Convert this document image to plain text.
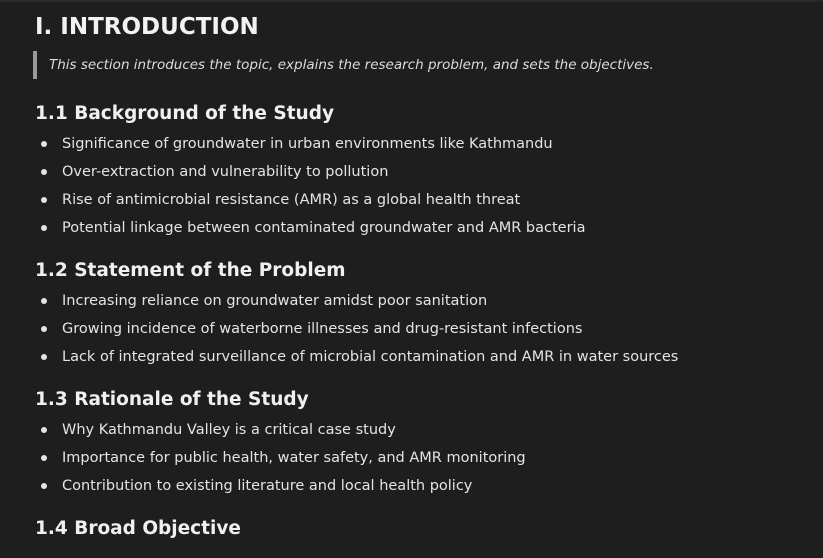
I. INTRODUCTION
This section introduces the topic, explains the research problem, and sets the objectives.
1.1 Background of the Study
Significance of groundwater in urban environments like Kathmandu
Over-extraction and vulnerability to pollution
Rise of antimicrobial resistance (AMR) as a global health threat
Potential linkage between contaminated groundwater and AMR bacteria
1.2 Statement of the Problem
Increasing reliance on groundwater amidst poor sanitation
Growing incidence of waterborne illnesses and drug-resistant infections
Lack of integrated surveillance of microbial contamination and AMR in water sources
1.3 Rationale of the Study
Why Kathmandu Valley is a critical case study
Importance for public health, water safety, and AMR monitoring
Contribution to existing literature and local health policy
1.4 Broad Objective
